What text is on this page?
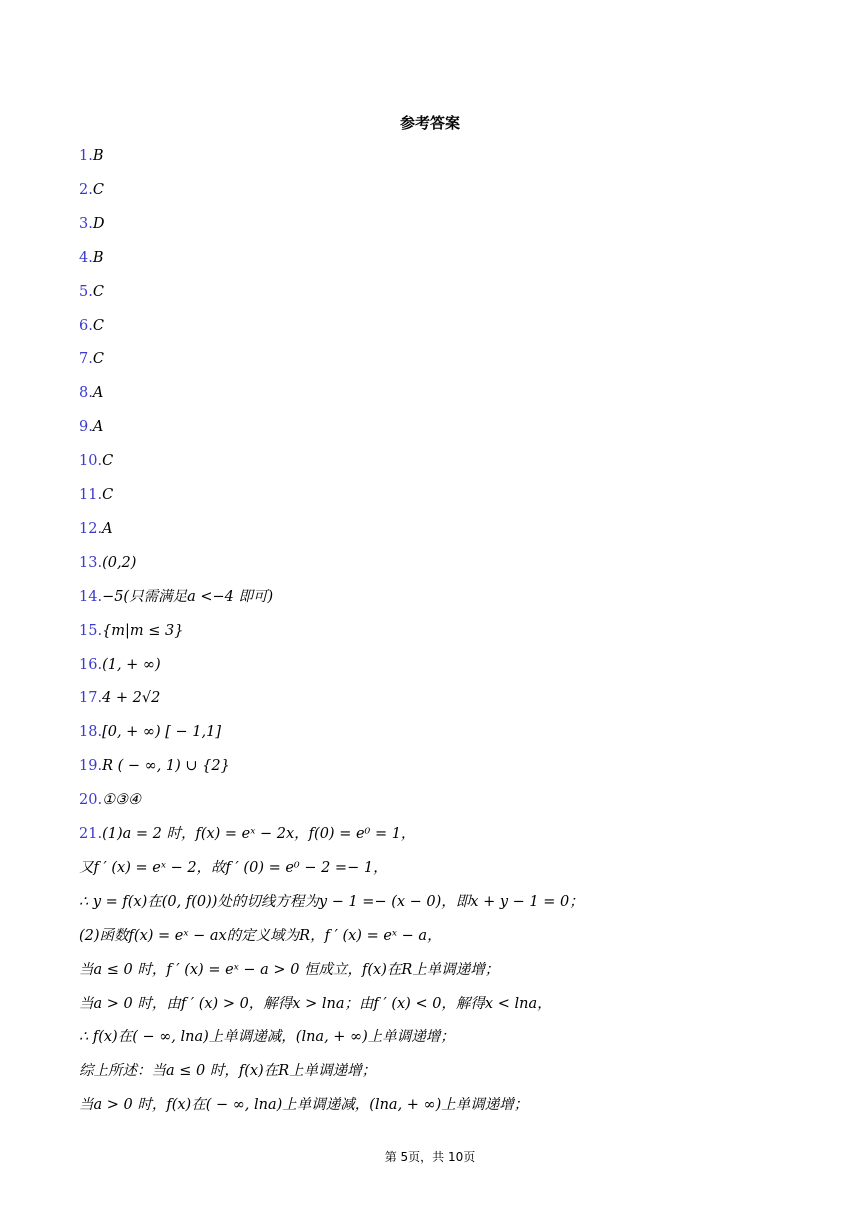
参考答案
1.B
2.C
3.D
4.B
5.C
6.C
7.C
8.A
9.A
10.C
11.C
12.A
13.(0,2)
14.−5(只需满足a <−4 即可)
15.{m|m ≤ 3}
16.(1, + ∞)
17.4 + 2√2
18.[0, + ∞) [ − 1,1]
19.R ( − ∞, 1) ∪ {2}
20.①③④
21.(1)a = 2 时，f(x) = eˣ − 2x，f(0) = e⁰ = 1，
又f ′ (x) = eˣ − 2，故f ′ (0) = e⁰ − 2 =− 1，
∴ y = f(x)在(0, f(0))处的切线方程为y − 1 =− (x − 0)，即x + y − 1 = 0；
(2)函数f(x) = eˣ − ax的定义域为R，f ′ (x) = eˣ − a，
当a ≤ 0 时，f ′ (x) = eˣ − a > 0 恒成立，f(x)在R上单调递增；
当a > 0 时，由f ′ (x) > 0，解得x > lna；由f ′ (x) < 0，解得x < lna，
∴ f(x)在( − ∞, lna)上单调递减，(lna, + ∞)上单调递增；
综上所述：当a ≤ 0 时，f(x)在R上单调递增；
当a > 0 时，f(x)在( − ∞, lna)上单调递减，(lna, + ∞)上单调递增；
第 5页，共 10页
